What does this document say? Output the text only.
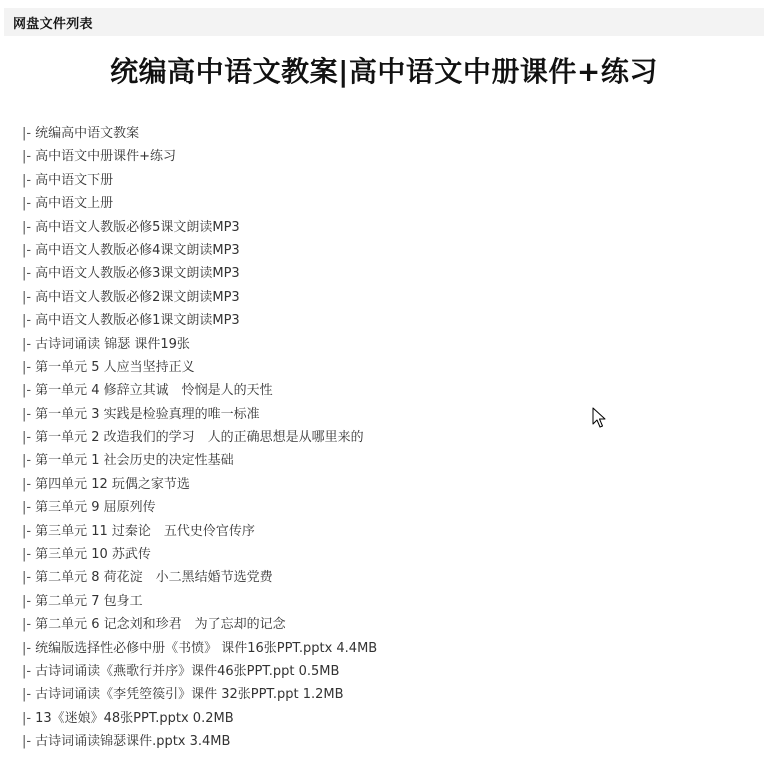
网盘文件列表
统编高中语文教案|高中语文中册课件+练习
|- 统编高中语文教案
|- 高中语文中册课件+练习
|- 高中语文下册
|- 高中语文上册
|- 高中语文人教版必修5课文朗读MP3
|- 高中语文人教版必修4课文朗读MP3
|- 高中语文人教版必修3课文朗读MP3
|- 高中语文人教版必修2课文朗读MP3
|- 高中语文人教版必修1课文朗读MP3
|- 古诗词诵读 锦瑟 课件19张
|- 第一单元 5 人应当坚持正义
|- 第一单元 4 修辞立其诚　怜悯是人的天性
|- 第一单元 3 实践是检验真理的唯一标准
|- 第一单元 2 改造我们的学习　人的正确思想是从哪里来的
|- 第一单元 1 社会历史的决定性基础
|- 第四单元 12 玩偶之家节选
|- 第三单元 9 屈原列传
|- 第三单元 11 过秦论　五代史伶官传序
|- 第三单元 10 苏武传
|- 第二单元 8 荷花淀　小二黑结婚节选党费
|- 第二单元 7 包身工
|- 第二单元 6 记念刘和珍君　为了忘却的记念
|- 统编版选择性必修中册《书愤》 课件16张PPT.pptx 4.4MB
|- 古诗词诵读《燕歌行并序》课件46张PPT.ppt 0.5MB
|- 古诗词诵读《李凭箜篌引》课件 32张PPT.ppt 1.2MB
|- 13《迷娘》48张PPT.pptx 0.2MB
|- 古诗词诵读锦瑟课件.pptx 3.4MB
